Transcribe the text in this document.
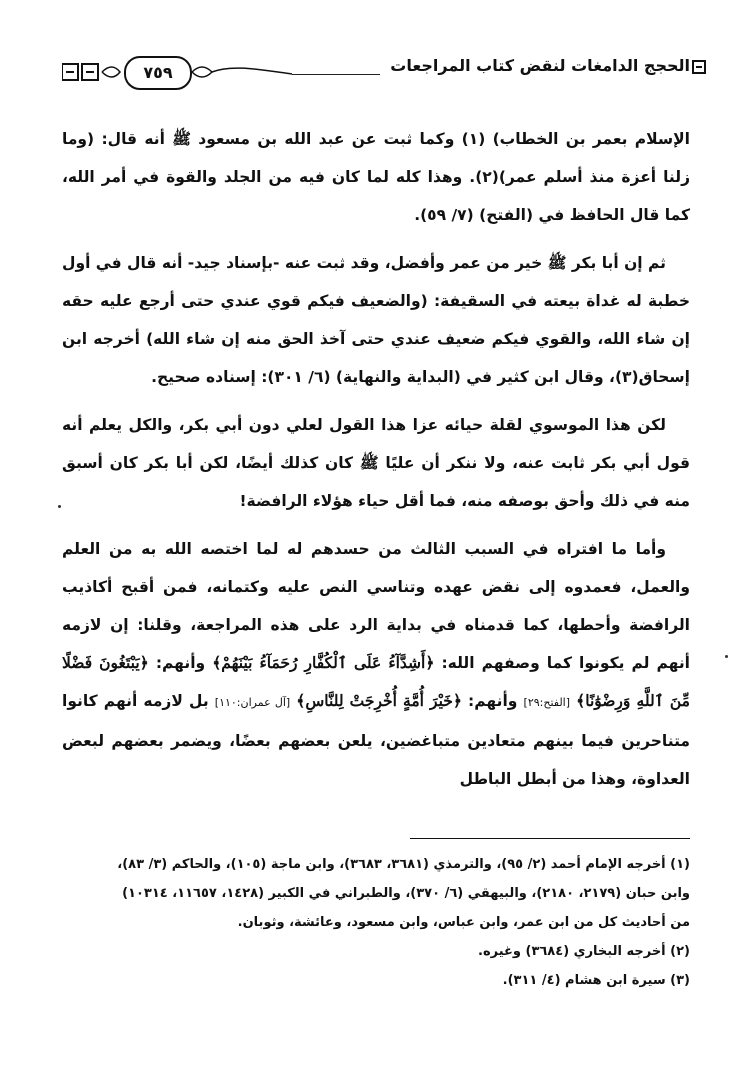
٧٥٩	الحجج الدامغات لنقض كتاب المراجعات

الإسلام بعمر بن الخطاب) (١) وكما ثبت عن عبد الله بن مسعود ﷺ أنه قال: (وما زلنا أعزة منذ أسلم عمر)(٢). وهذا كله لما كان فيه من الجلد والقوة في أمر الله، كما قال الحافظ في (الفتح) (٧/ ٥٩).

ثم إن أبا بكر ﷺ خير من عمر وأفضل، وقد ثبت عنه -بإسناد جيد- أنه قال في أول خطبة له غداة بيعته في السقيفة: (والضعيف فيكم قوي عندي حتى أرجع عليه حقه إن شاء الله، والقوي فيكم ضعيف عندي حتى آخذ الحق منه إن شاء الله) أخرجه ابن إسحاق(٣)، وقال ابن كثير في (البداية والنهاية) (٦/ ٣٠١): إسناده صحيح.

لكن هذا الموسوي لقلة حيائه عزا هذا القول لعلي دون أبي بكر، والكل يعلم أنه قول أبي بكر ثابت عنه، ولا ننكر أن عليًا ﷺ كان كذلك أيضًا، لكن أبا بكر كان أسبق منه في ذلك وأحق بوصفه منه، فما أقل حياء هؤلاء الرافضة!

وأما ما افتراه في السبب الثالث من حسدهم له لما اختصه الله به من العلم والعمل، فعمدوه إلى نقض عهده وتناسي النص عليه وكتمانه، فمن أقبح أكاذيب الرافضة وأحطها، كما قدمناه في بداية الرد على هذه المراجعة، وقلنا: إن لازمه أنهم لم يكونوا كما وصفهم الله: ﴿أَشِدَّآءُ عَلَى ٱلْكُفَّارِ رُحَمَآءُ بَيْنَهُمْ﴾ وأنهم: ﴿يَبْتَغُونَ فَضْلًا مِّنَ ٱللَّهِ وَرِضْوَٰنًا﴾ [الفتح:٢٩] وأنهم: ﴿خَيْرَ أُمَّةٍ أُخْرِجَتْ لِلنَّاسِ﴾ [آل عمران:١١٠] بل لازمه أنهم كانوا متناحرين فيما بينهم متعادين متباغضين، يلعن بعضهم بعضًا، ويضمر بعضهم لبعض العداوة، وهذا من أبطل الباطل

(١) أخرجه الإمام أحمد (٢/ ٩٥)، والترمذي (٣٦٨١، ٣٦٨٣)، وابن ماجة (١٠٥)، والحاكم (٣/ ٨٣)،

وابن حبان (٢١٧٩، ٢١٨٠)، والبيهقي (٦/ ٣٧٠)، والطبراني في الكبير (١٤٢٨، ١١٦٥٧، ١٠٣١٤)

من أحاديث كل من ابن عمر، وابن عباس، وابن مسعود، وعائشة، وثوبان.

(٢) أخرجه البخاري (٣٦٨٤) وغيره.

(٣) سيرة ابن هشام (٤/ ٣١١).
